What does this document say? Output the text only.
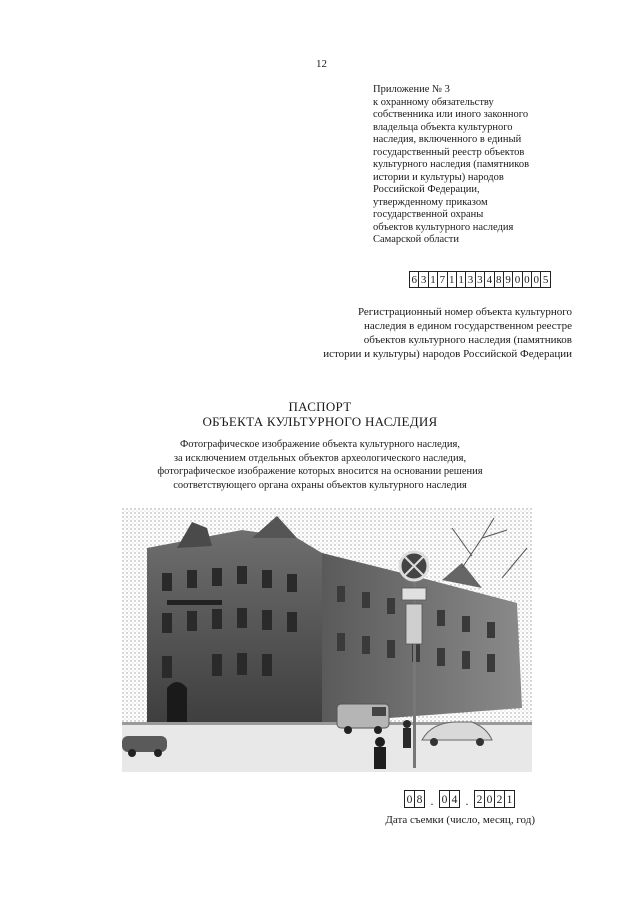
12
Приложение № 3
к охранному обязательству
собственника или иного законного
владельца объекта культурного
наследия, включенного в единый
государственный реестр объектов
культурного наследия (памятников
истории и культуры) народов
Российской Федерации,
утвержденному приказом
государственной охраны
объектов культурного наследия
Самарской области
6 3 1 7 1 1 3 3 4 8 9 0 0 0 5
Регистрационный номер объекта культурного
наследия в едином государственном реестре
объектов культурного наследия (памятников
истории и культуры) народов Российской Федерации
ПАСПОРТ
ОБЪЕКТА КУЛЬТУРНОГО НАСЛЕДИЯ
Фотографическое изображение объекта культурного наследия,
за исключением отдельных объектов археологического наследия,
фотографическое изображение которых вносится на основании решения
соответствующего органа охраны объектов культурного наследия
0 8 . 0 4 . 2 0 2 1
Дата съемки (число, месяц, год)
